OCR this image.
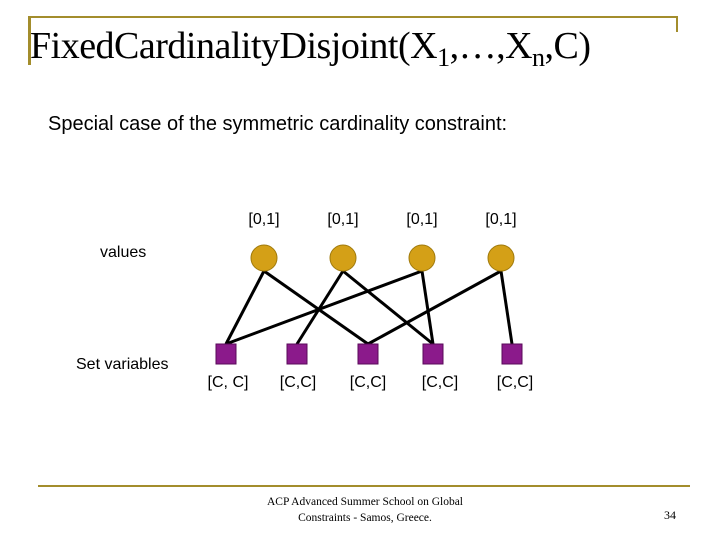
$FixedCardinalityDisjoint(X_1,\dots,X_n,C)$
Special case of the symmetric cardinality constraint:
[0,1]	[0,1]	[0,1]	[0,1]
[C, C] [C,C] [C,C] [C,C] [C,C]
values
Set variables
ACP Advanced Summer School on Global
Constraints - Samos, Greece.	34
